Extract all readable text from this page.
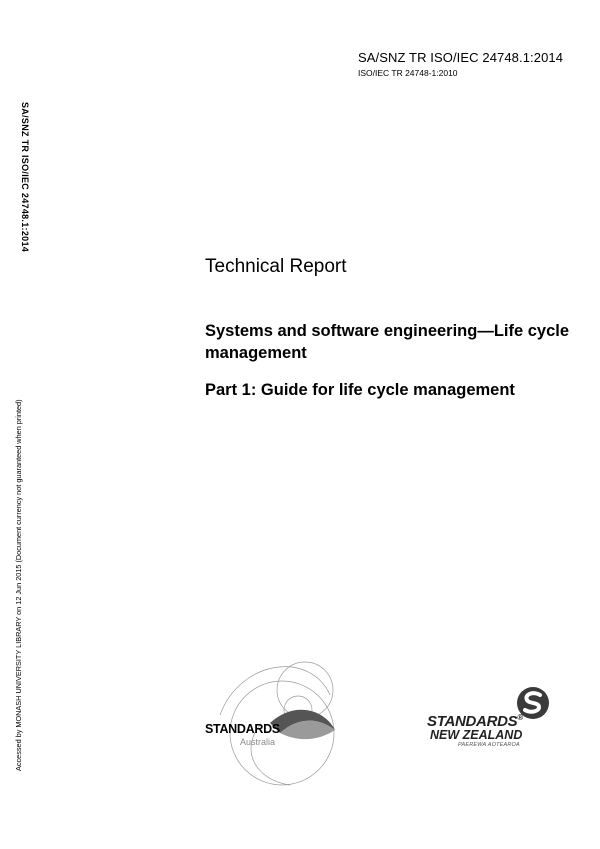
SA/SNZ TR ISO/IEC 24748.1:2014
ISO/IEC TR 24748-1:2010
SA/SNZ TR ISO/IEC 24748.1:2014
Accessed by MONASH UNIVERSITY LIBRARY on 12 Jun 2015 (Document currency not guaranteed when printed)
Technical Report
Systems and software engineering—Life cycle management
Part 1: Guide for life cycle management
STANDARDS
Australia
STANDARDS®
NEW ZEALAND
PAEREWA AOTEAROA
